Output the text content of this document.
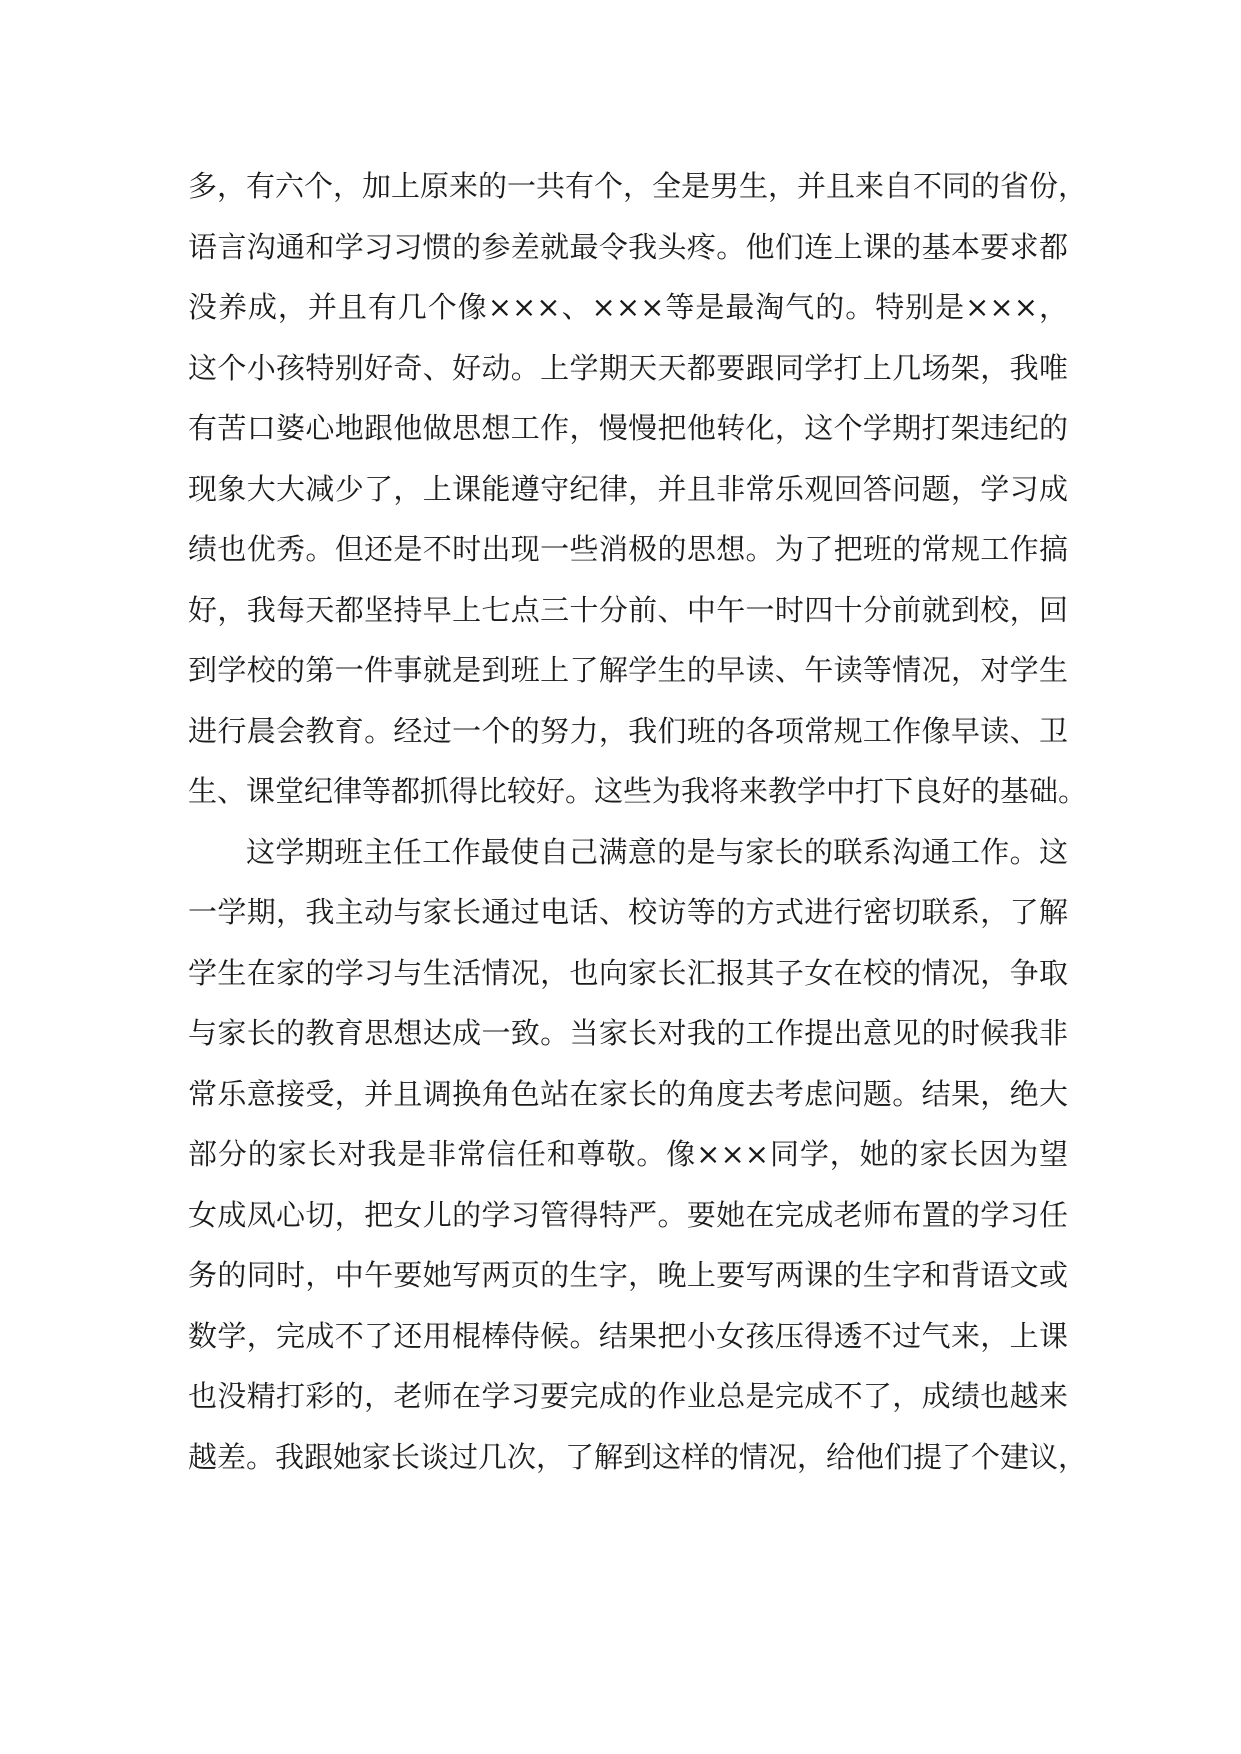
多，有六个，加上原来的一共有个，全是男生，并且来自不同的省份，
语言沟通和学习习惯的参差就最令我头疼。他们连上课的基本要求都
没养成，并且有几个像×××、×××等是最淘气的。特别是×××，
这个小孩特别好奇、好动。上学期天天都要跟同学打上几场架，我唯
有苦口婆心地跟他做思想工作，慢慢把他转化，这个学期打架违纪的
现象大大减少了，上课能遵守纪律，并且非常乐观回答问题，学习成
绩也优秀。但还是不时出现一些消极的思想。为了把班的常规工作搞
好，我每天都坚持早上七点三十分前、中午一时四十分前就到校，回
到学校的第一件事就是到班上了解学生的早读、午读等情况，对学生
进行晨会教育。经过一个的努力，我们班的各项常规工作像早读、卫
生、课堂纪律等都抓得比较好。这些为我将来教学中打下良好的基础。
这学期班主任工作最使自己满意的是与家长的联系沟通工作。这
一学期，我主动与家长通过电话、校访等的方式进行密切联系，了解
学生在家的学习与生活情况，也向家长汇报其子女在校的情况，争取
与家长的教育思想达成一致。当家长对我的工作提出意见的时候我非
常乐意接受，并且调换角色站在家长的角度去考虑问题。结果，绝大
部分的家长对我是非常信任和尊敬。像×××同学，她的家长因为望
女成凤心切，把女儿的学习管得特严。要她在完成老师布置的学习任
务的同时，中午要她写两页的生字，晚上要写两课的生字和背语文或
数学，完成不了还用棍棒侍候。结果把小女孩压得透不过气来，上课
也没精打彩的，老师在学习要完成的作业总是完成不了，成绩也越来
越差。我跟她家长谈过几次，了解到这样的情况，给他们提了个建议，
